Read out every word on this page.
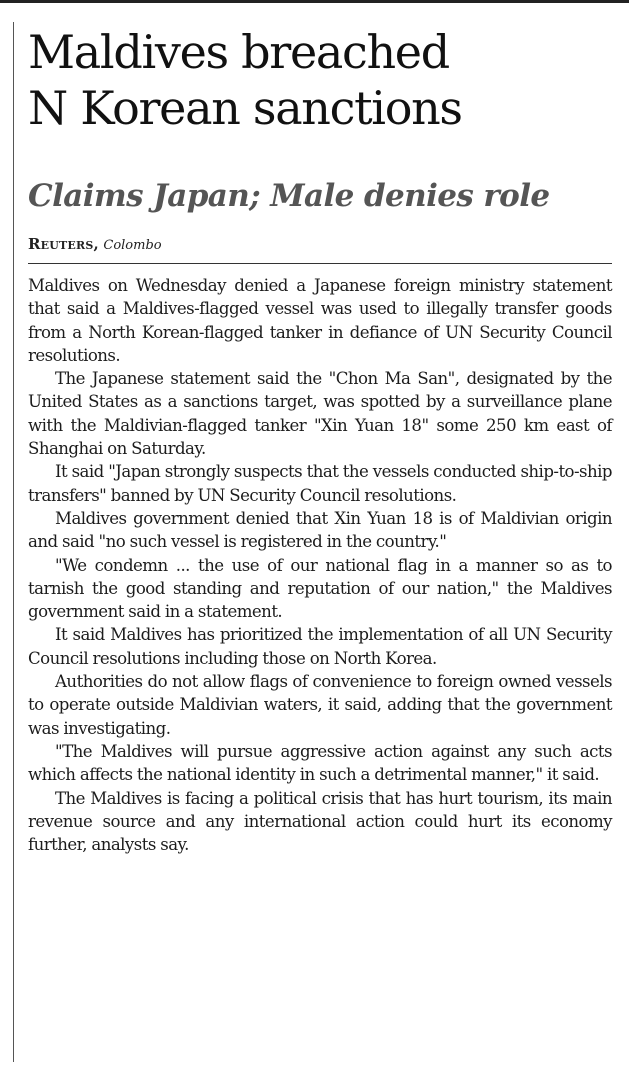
Maldives breached
N Korean sanctions
Claims Japan; Male denies role
Reuters, Colombo

Maldives on Wednesday denied a Japanese foreign ministry statement that said a Maldives-flagged vessel was used to illegally transfer goods from a North Korean-flagged tanker in defiance of UN Security Council resolutions.

The Japanese statement said the "Chon Ma San", designated by the United States as a sanctions target, was spotted by a surveillance plane with the Maldivian-flagged tanker "Xin Yuan 18" some 250 km east of Shanghai on Saturday.

It said "Japan strongly suspects that the vessels conducted ship-to-ship transfers" banned by UN Security Council resolutions.

Maldives government denied that Xin Yuan 18 is of Maldivian origin and said "no such vessel is registered in the country."

"We condemn ... the use of our national flag in a manner so as to tarnish the good standing and reputation of our nation," the Maldives government said in a statement.

It said Maldives has prioritized the implementation of all UN Security Council resolutions including those on North Korea.

Authorities do not allow flags of convenience to foreign owned vessels to operate outside Maldivian waters, it said, adding that the government was investigating.

"The Maldives will pursue aggressive action against any such acts which affects the national identity in such a detrimental manner," it said.

The Maldives is facing a political crisis that has hurt tourism, its main revenue source and any international action could hurt its economy further, analysts say.
